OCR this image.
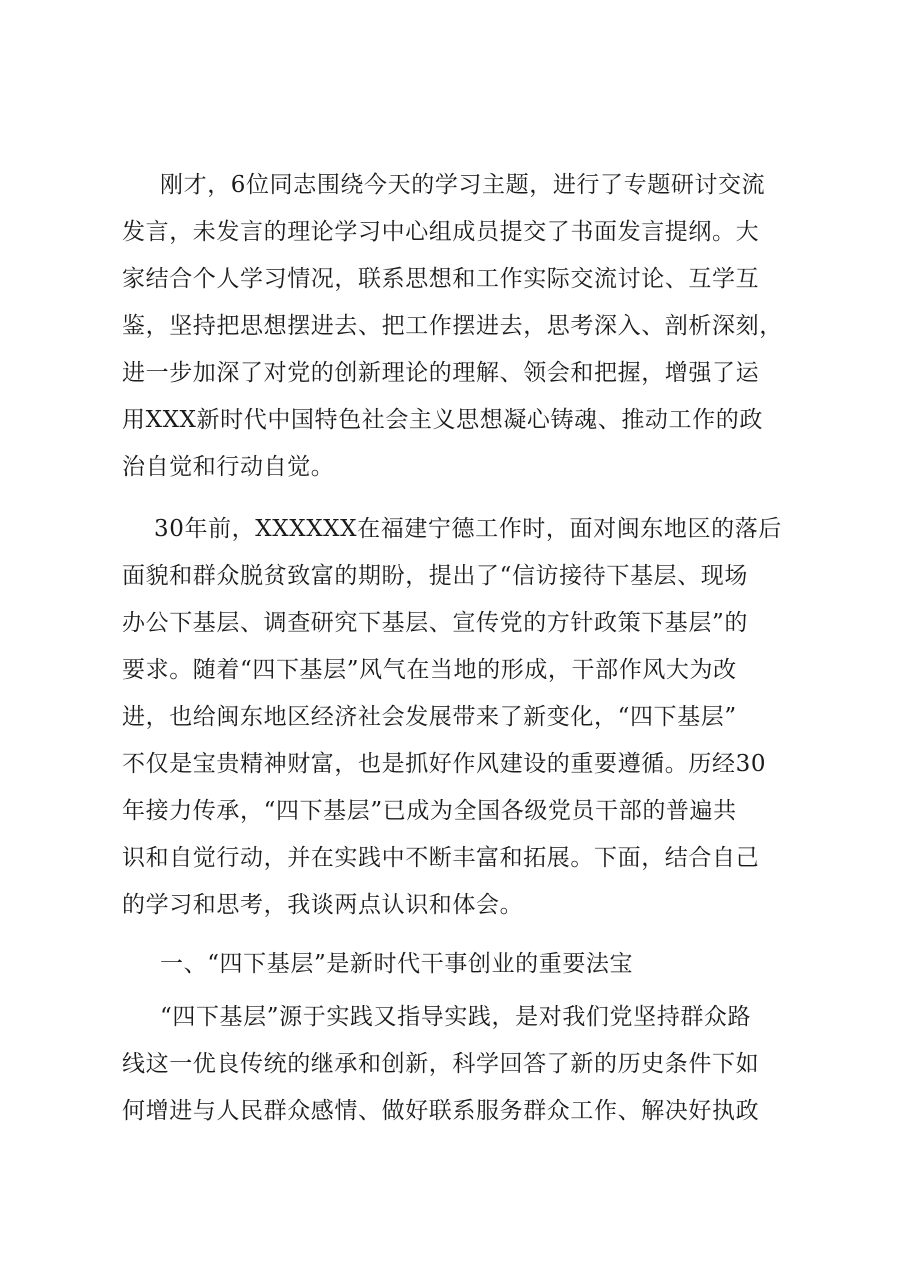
刚才，6位同志围绕今天的学习主题，进行了专题研讨交流
发言，未发言的理论学习中心组成员提交了书面发言提纲。大
家结合个人学习情况，联系思想和工作实际交流讨论、互学互
鉴，坚持把思想摆进去、把工作摆进去，思考深入、剖析深刻，
进一步加深了对党的创新理论的理解、领会和把握，增强了运
用XXX新时代中国特色社会主义思想凝心铸魂、推动工作的政
治自觉和行动自觉。
30年前，XXXXXX在福建宁德工作时，面对闽东地区的落后
面貌和群众脱贫致富的期盼，提出了“信访接待下基层、现场
办公下基层、调查研究下基层、宣传党的方针政策下基层”的
要求。随着“四下基层”风气在当地的形成，干部作风大为改
进，也给闽东地区经济社会发展带来了新变化，“四下基层”
不仅是宝贵精神财富，也是抓好作风建设的重要遵循。历经30
年接力传承，“四下基层”已成为全国各级党员干部的普遍共
识和自觉行动，并在实践中不断丰富和拓展。下面，结合自己
的学习和思考，我谈两点认识和体会。
一、“四下基层”是新时代干事创业的重要法宝
“四下基层”源于实践又指导实践，是对我们党坚持群众路
线这一优良传统的继承和创新，科学回答了新的历史条件下如
何增进与人民群众感情、做好联系服务群众工作、解决好执政
